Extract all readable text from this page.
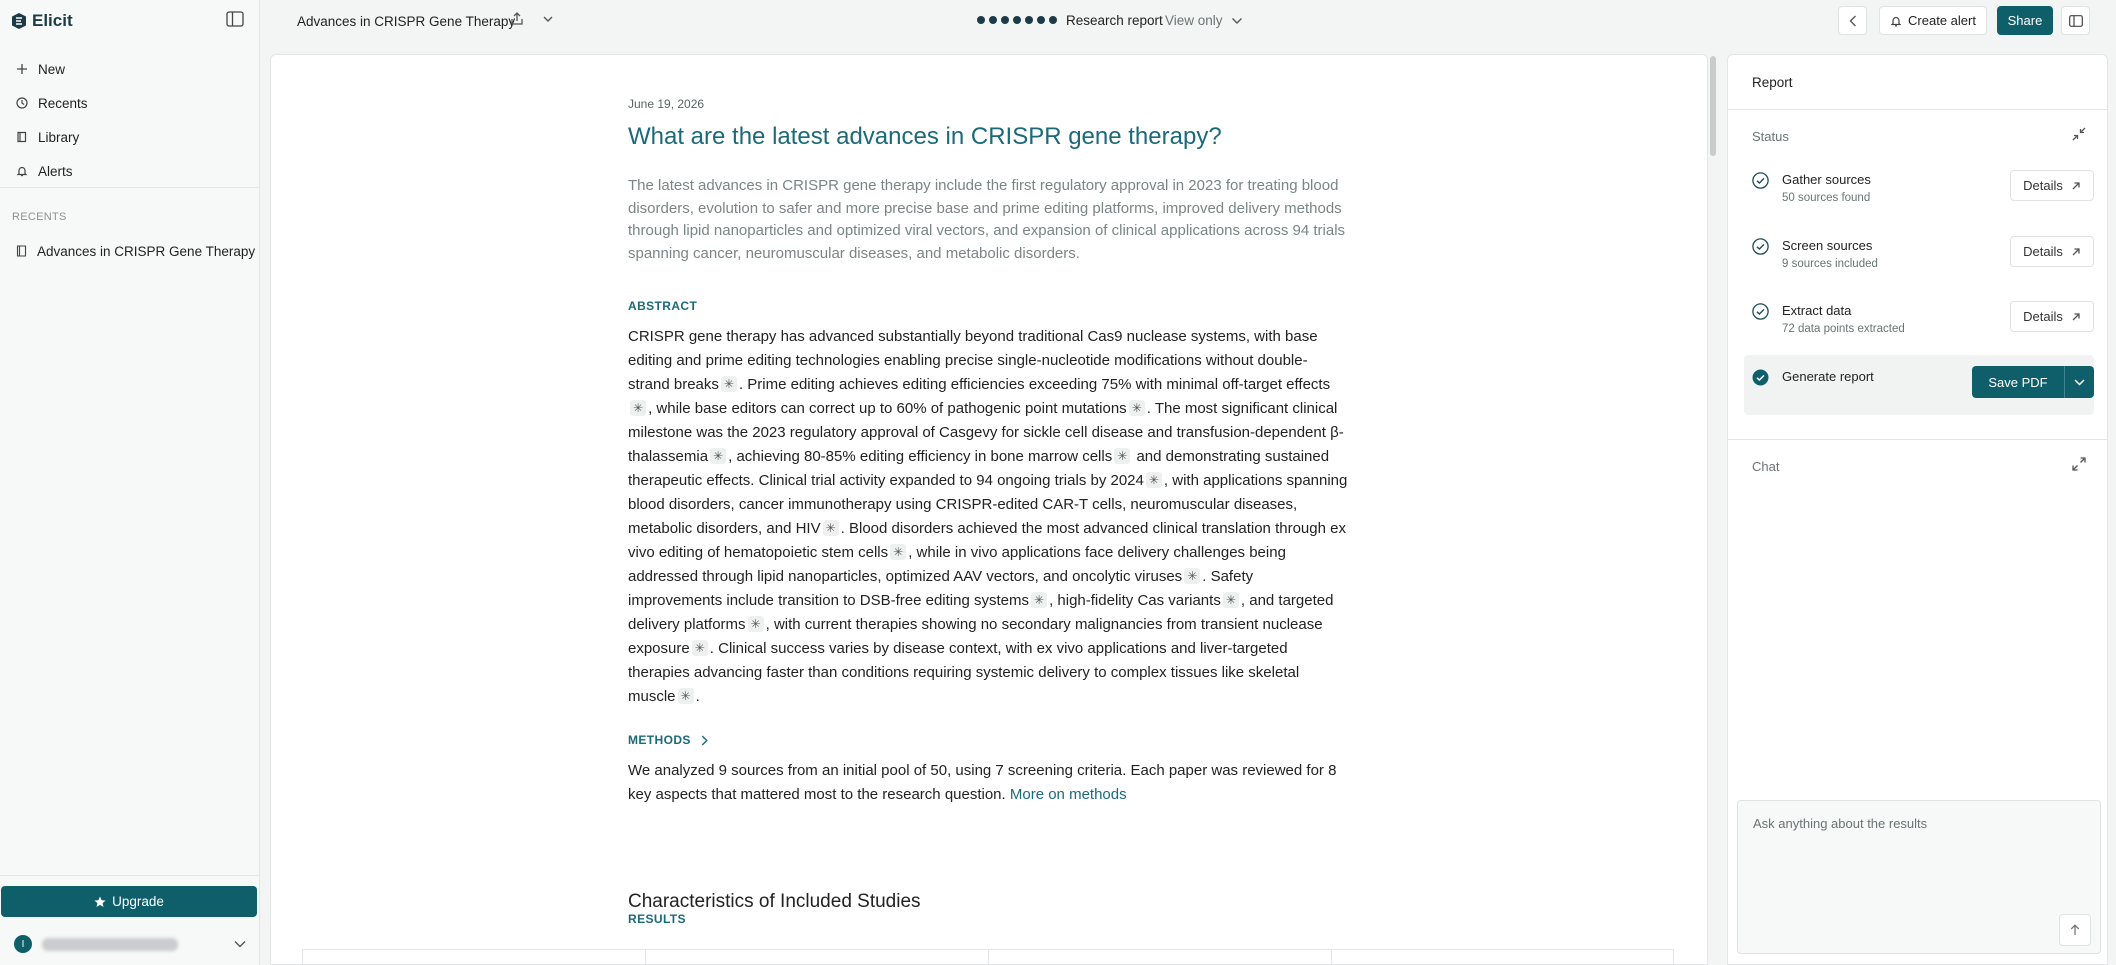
Elicit
New
Recents
Library
Alerts
RECENTS
Advances in CRISPR Gene Therapy
Upgrade
I
Advances in CRISPR Gene Therapy	Research report View only	Create alert	Share
June 19, 2026
What are the latest advances in CRISPR gene therapy?
The latest advances in CRISPR gene therapy include the first regulatory approval in 2023 for treating blood disorders, evolution to safer and more precise base and prime editing platforms, improved delivery methods through lipid nanoparticles and optimized viral vectors, and expansion of clinical applications across 94 trials spanning cancer, neuromuscular diseases, and metabolic disorders.
ABSTRACT
CRISPR gene therapy has advanced substantially beyond traditional Cas9 nuclease systems, with base editing and prime editing technologies enabling precise single-nucleotide modifications without double-strand breaks ✳ . Prime editing achieves editing efficiencies exceeding 75% with minimal off-target effects✳ , while base editors can correct up to 60% of pathogenic point mutations ✳ . The most significant clinical milestone was the 2023 regulatory approval of Casgevy for sickle cell disease and transfusion-dependent β-thalassemia ✳ , achieving 80-85% editing efficiency in bone marrow cells ✳ and demonstrating sustained therapeutic effects. Clinical trial activity expanded to 94 ongoing trials by 2024 ✳ , with applications spanning blood disorders, cancer immunotherapy using CRISPR-edited CAR-T cells, neuromuscular diseases, metabolic disorders, and HIV ✳ . Blood disorders achieved the most advanced clinical translation through ex vivo editing of hematopoietic stem cells ✳ , while in vivo applications face delivery challenges being addressed through lipid nanoparticles, optimized AAV vectors, and oncolytic viruses ✳ . Safety improvements include transition to DSB-free editing systems ✳ , high-fidelity Cas variants ✳ , and targeted delivery platforms ✳ , with current therapies showing no secondary malignancies from transient nuclease exposure ✳ . Clinical success varies by disease context, with ex vivo applications and liver-targeted therapies advancing faster than conditions requiring systemic delivery to complex tissues like skeletal muscle ✳ .
METHODS
We analyzed 9 sources from an initial pool of 50, using 7 screening criteria. Each paper was reviewed for 8 key aspects that mattered most to the research question. More on methods
RESULTS
Characteristics of Included Studies
Report
Status
Gather sources
50 sources found
Details
Screen sources
9 sources included
Details
Extract data
72 data points extracted
Details
Generate report	Save PDF
Chat
Ask anything about the results
